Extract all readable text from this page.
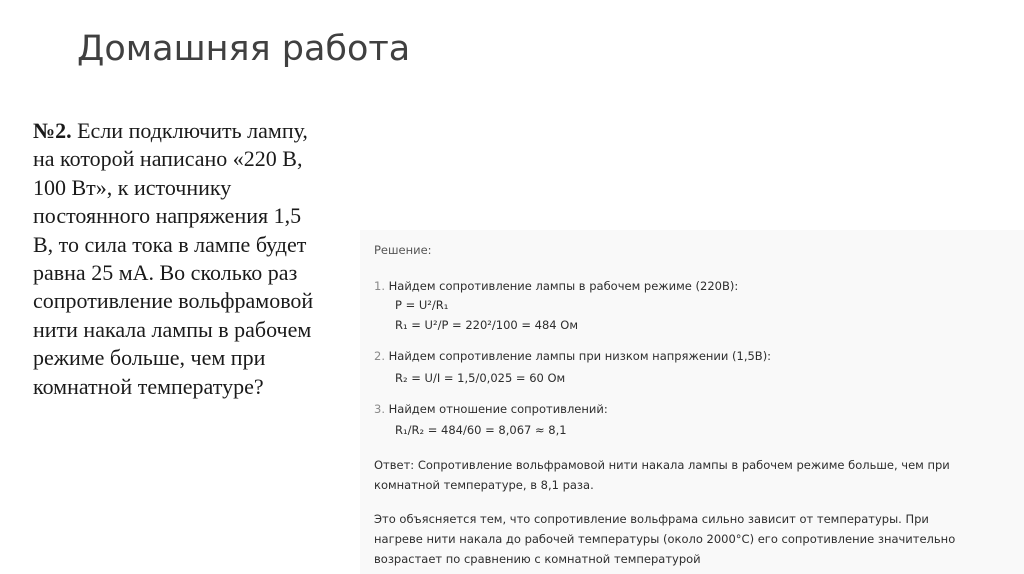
Домашняя работа
№2. Если подключить лампу,
на которой написано «220 В,
100 Вт», к источнику
постоянного напряжения 1,5
В, то сила тока в лампе будет
равна 25 мА. Во сколько раз
сопротивление вольфрамовой
нити накала лампы в рабочем
режиме больше, чем при
комнатной температуре?
Решение:
1. Найдем сопротивление лампы в рабочем режиме (220В):
P = U²/R₁
R₁ = U²/P = 220²/100 = 484 Ом
2. Найдем сопротивление лампы при низком напряжении (1,5В):
R₂ = U/I = 1,5/0,025 = 60 Ом
3. Найдем отношение сопротивлений:
R₁/R₂ = 484/60 = 8,067 ≈ 8,1
Ответ: Сопротивление вольфрамовой нити накала лампы в рабочем режиме больше, чем при
комнатной температуре, в 8,1 раза.
Это объясняется тем, что сопротивление вольфрама сильно зависит от температуры. При
нагреве нити накала до рабочей температуры (около 2000°C) его сопротивление значительно
возрастает по сравнению с комнатной температурой
